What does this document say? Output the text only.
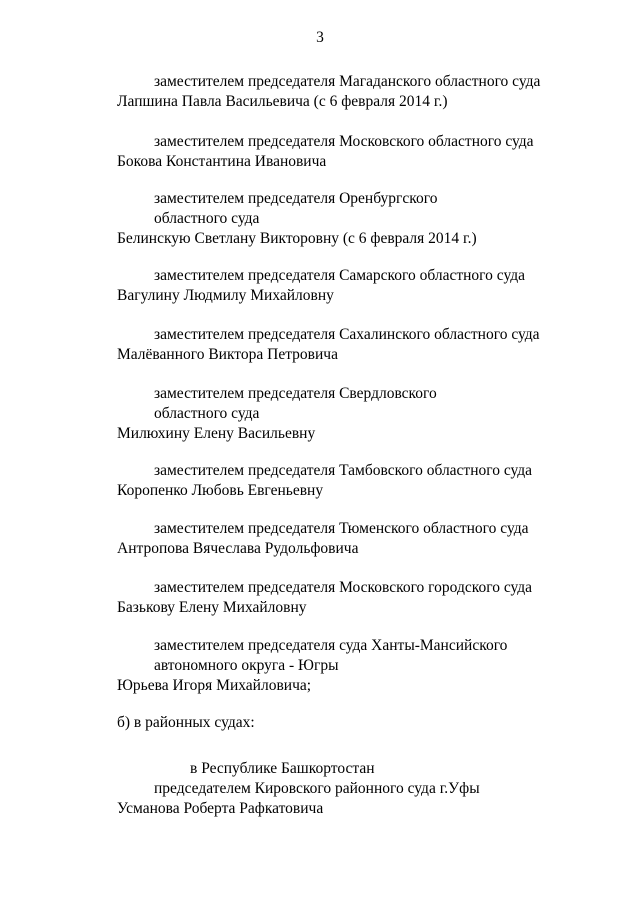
3
заместителем председателя Магаданского областного суда
Лапшина Павла Васильевича (с 6 февраля 2014 г.)
заместителем председателя Московского областного суда
Бокова Константина Ивановича
заместителем председателя Оренбургского
областного суда
Белинскую Светлану Викторовну (с 6 февраля 2014 г.)
заместителем председателя Самарского областного суда
Вагулину Людмилу Михайловну
заместителем председателя Сахалинского областного суда
Малёванного Виктора Петровича
заместителем председателя Свердловского
областного суда
Милюхину Елену Васильевну
заместителем председателя Тамбовского областного суда
Коропенко Любовь Евгеньевну
заместителем председателя Тюменского областного суда
Антропова Вячеслава Рудольфовича
заместителем председателя Московского городского суда
Базькову Елену Михайловну
заместителем председателя суда Ханты-Мансийского
автономного округа - Югры
Юрьева Игоря Михайловича;
б) в районных судах:
в Республике Башкортостан
председателем Кировского районного суда г.Уфы
Усманова Роберта Рафкатовича
